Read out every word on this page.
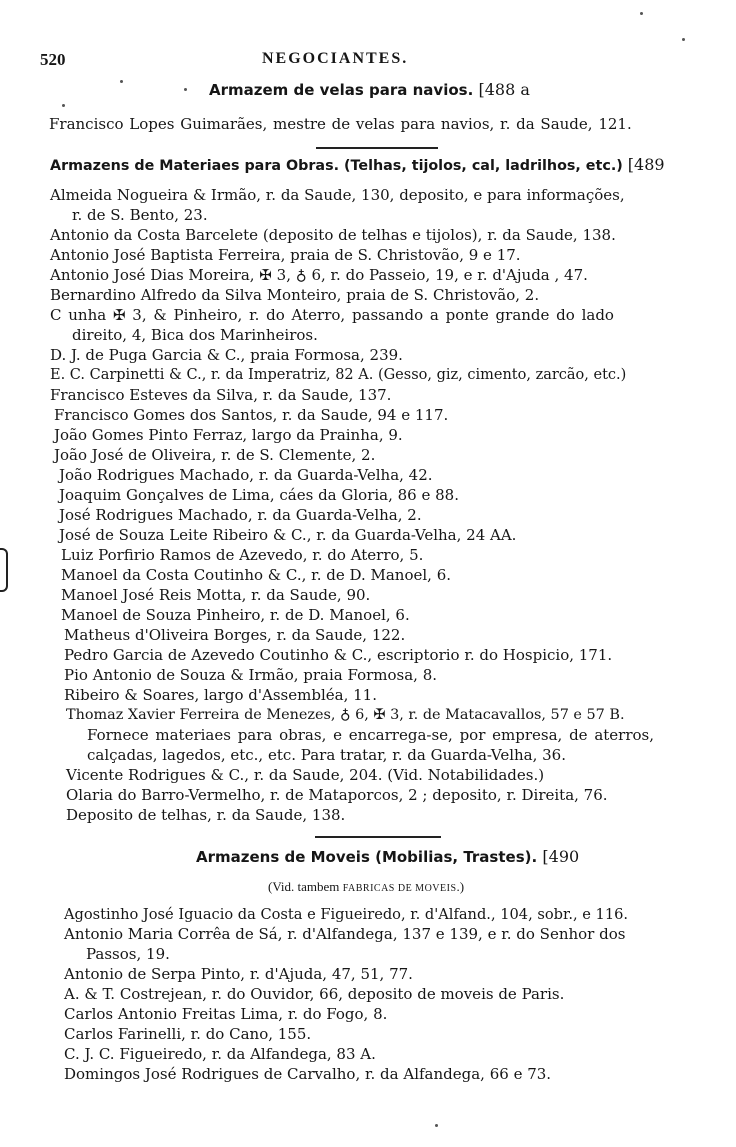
520	NEGOCIANTES.
Armazem de velas para navios. [488 a
Francisco Lopes Guimarães, mestre de velas para navios, r. da Saude, 121.
Armazens de Materiaes para Obras. (Telhas, tijolos, cal, ladrilhos, etc.) [489
Almeida Nogueira & Irmão, r. da Saude, 130, deposito, e para informações,
r. de S. Bento, 23.
Antonio da Costa Barcelete (deposito de telhas e tijolos), r. da Saude, 138.
Antonio José Baptista Ferreira, praia de S. Christovão, 9 e 17.
Antonio José Dias Moreira, ✠ 3, ♁ 6, r. do Passeio, 19, e r. d'Ajuda , 47.
Bernardino Alfredo da Silva Monteiro, praia de S. Christovão, 2.
C unha ✠ 3, & Pinheiro, r. do Aterro, passando a ponte grande do lado
direito, 4, Bica dos Marinheiros.
D. J. de Puga Garcia & C., praia Formosa, 239.
E. C. Carpinetti & C., r. da Imperatriz, 82 A. (Gesso, giz, cimento, zarcão, etc.)
Francisco Esteves da Silva, r. da Saude, 137.
Francisco Gomes dos Santos, r. da Saude, 94 e 117.
João Gomes Pinto Ferraz, largo da Prainha, 9.
João José de Oliveira, r. de S. Clemente, 2.
João Rodrigues Machado, r. da Guarda-Velha, 42.
Joaquim Gonçalves de Lima, cáes da Gloria, 86 e 88.
José Rodrigues Machado, r. da Guarda-Velha, 2.
José de Souza Leite Ribeiro & C., r. da Guarda-Velha, 24 AA.
Luiz Porfirio Ramos de Azevedo, r. do Aterro, 5.
Manoel da Costa Coutinho & C., r. de D. Manoel, 6.
Manoel José Reis Motta, r. da Saude, 90.
Manoel de Souza Pinheiro, r. de D. Manoel, 6.
Matheus d'Oliveira Borges, r. da Saude, 122.
Pedro Garcia de Azevedo Coutinho & C., escriptorio r. do Hospicio, 171.
Pio Antonio de Souza & Irmão, praia Formosa, 8.
Ribeiro & Soares, largo d'Assembléa, 11.
Thomaz Xavier Ferreira de Menezes, ♁ 6, ✠ 3, r. de Matacavallos, 57 e 57 B.
Fornece materiaes para obras, e encarrega-se, por empresa, de aterros,
calçadas, lagedos, etc., etc. Para tratar, r. da Guarda-Velha, 36.
Vicente Rodrigues & C., r. da Saude, 204. (Vid. Notabilidades.)
Olaria do Barro-Vermelho, r. de Mataporcos, 2 ; deposito, r. Direita, 76.
Deposito de telhas, r. da Saude, 138.
Armazens de Moveis (Mobilias, Trastes). [490
(Vid. tambem FABRICAS DE MOVEIS.)
Agostinho José Iguacio da Costa e Figueiredo, r. d'Alfand., 104, sobr., e 116.
Antonio Maria Corrêa de Sá, r. d'Alfandega, 137 e 139, e r. do Senhor dos
Passos, 19.
Antonio de Serpa Pinto, r. d'Ajuda, 47, 51, 77.
A. & T. Costrejean, r. do Ouvidor, 66, deposito de moveis de Paris.
Carlos Antonio Freitas Lima, r. do Fogo, 8.
Carlos Farinelli, r. do Cano, 155.
C. J. C. Figueiredo, r. da Alfandega, 83 A.
Domingos José Rodrigues de Carvalho, r. da Alfandega, 66 e 73.
